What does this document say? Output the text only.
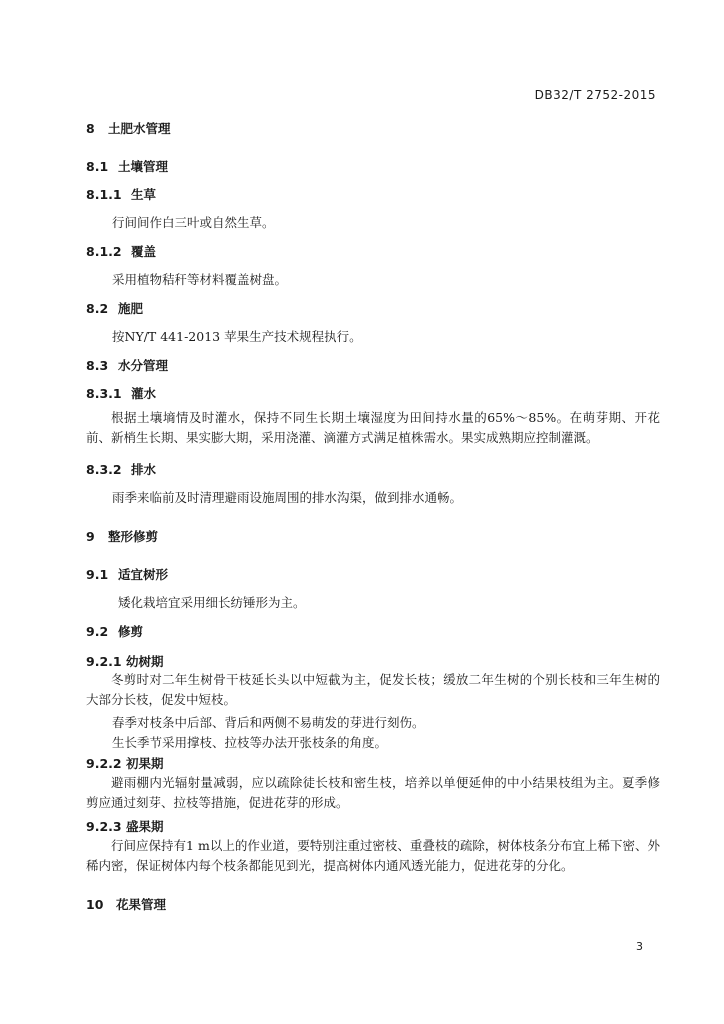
DB32/T 2752-2015
8 土肥水管理
8.1 土壤管理
8.1.1 生草
行间间作白三叶或自然生草。
8.1.2 覆盖
采用植物秸秆等材料覆盖树盘。
8.2 施肥
按NY/T 441-2013 苹果生产技术规程执行。
8.3 水分管理
8.3.1 灌水
根据土壤墒情及时灌水，保持不同生长期土壤湿度为田间持水量的65%～85%。在萌芽期、开花前、新梢生长期、果实膨大期，采用浇灌、滴灌方式满足植株需水。果实成熟期应控制灌溉。
8.3.2 排水
雨季来临前及时清理避雨设施周围的排水沟渠，做到排水通畅。
9 整形修剪
9.1 适宜树形
矮化栽培宜采用细长纺锤形为主。
9.2 修剪
9.2.1 幼树期
冬剪时对二年生树骨干枝延长头以中短截为主，促发长枝；缓放二年生树的个别长枝和三年生树的大部分长枝，促发中短枝。
春季对枝条中后部、背后和两侧不易萌发的芽进行刻伤。
生长季节采用撑枝、拉枝等办法开张枝条的角度。
9.2.2 初果期
避雨棚内光辐射量减弱，应以疏除徒长枝和密生枝，培养以单便延伸的中小结果枝组为主。夏季修剪应通过刻芽、拉枝等措施，促进花芽的形成。
9.2.3 盛果期
行间应保持有1 m以上的作业道，要特别注重过密枝、重叠枝的疏除，树体枝条分布宜上稀下密、外稀内密，保证树体内每个枝条都能见到光，提高树体内通风透光能力，促进花芽的分化。
10 花果管理
3
